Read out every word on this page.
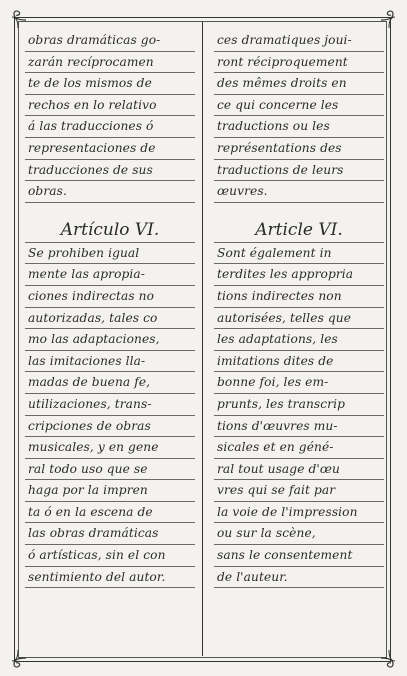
obras dramáticas go-
zarán recíprocamen
te de los mismos de
rechos en lo relativo
á las traducciones ó
representaciones de
traducciones de sus
obras.
Artículo VI.
Se prohiben igual
mente las apropia-
ciones indirectas no
autorizadas, tales co
mo las adaptaciones,
las imitaciones lla-
madas de buena fe,
utilizaciones, trans-
cripciones de obras
musicales, y en gene
ral todo uso que se
haga por la impren
ta ó en la escena de
las obras dramáticas
ó artísticas, sin el con
sentimiento del autor.
ces dramatiques joui-
ront réciproquement
des mêmes droits en
ce qui concerne les
traductions ou les
représentations des
traductions de leurs
œuvres.
Article VI.
Sont également in
terdites les appropria
tions indirectes non
autorisées, telles que
les adaptations, les
imitations dites de
bonne foi, les em-
prunts, les transcrip
tions d'œuvres mu-
sicales et en géné-
ral tout usage d'œu
vres qui se fait par
la voie de l'impression
ou sur la scène,
sans le consentement
de l'auteur.
